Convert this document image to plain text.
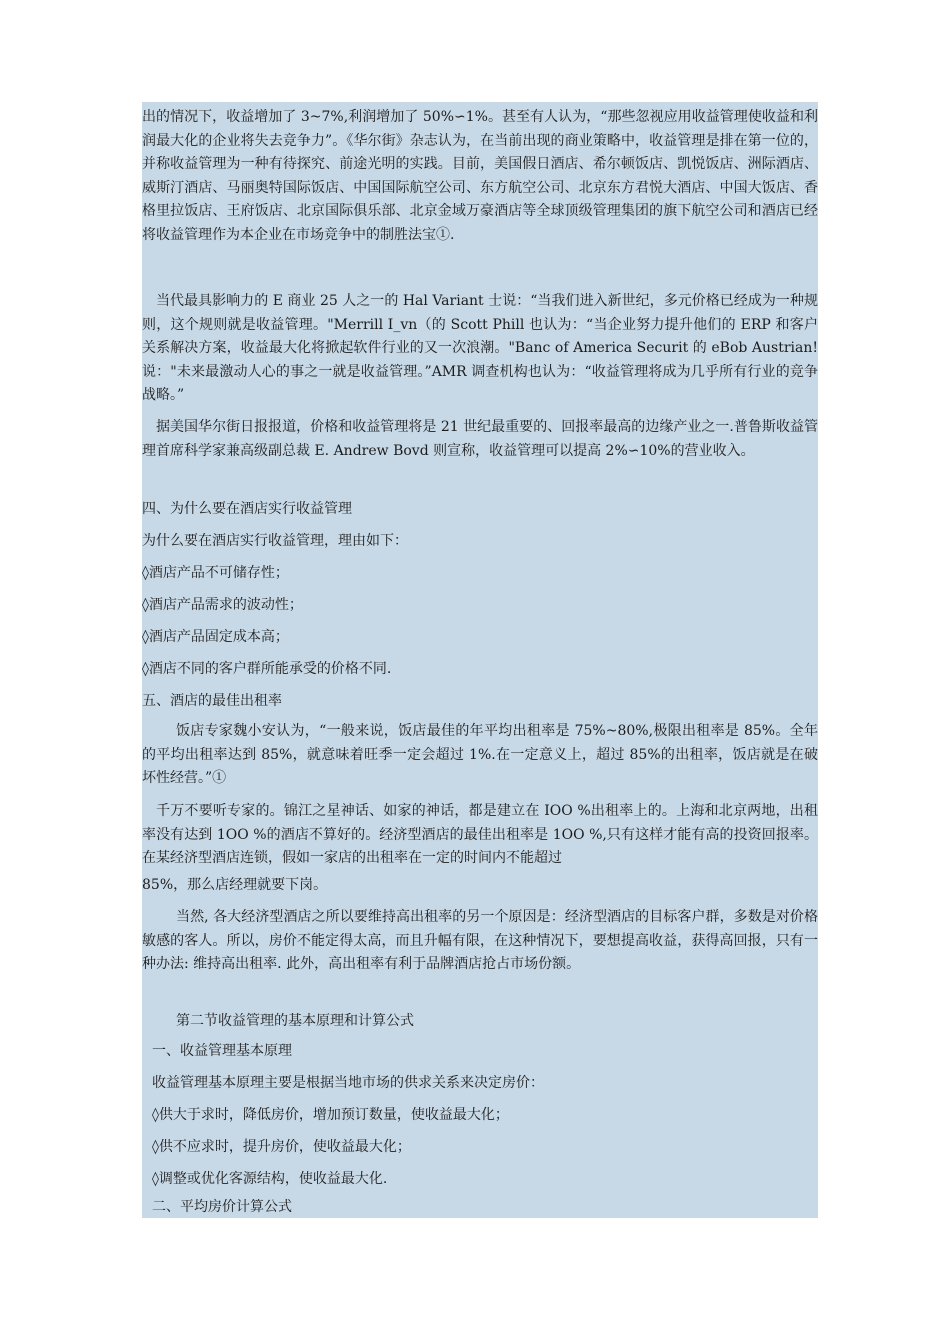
出的情况下，收益增加了 3~7%,利润增加了 50%∽1%。甚至有人认为，“那些忽视应用收益管理使收益和利润最大化的企业将失去竞争力”。《华尔街》杂志认为，在当前出现的商业策略中，收益管理是排在第一位的，并称收益管理为一种有待探究、前途光明的实践。目前，美国假日酒店、希尔顿饭店、凯悦饭店、洲际酒店、威斯汀酒店、马丽奥特国际饭店、中国国际航空公司、东方航空公司、北京东方君悦大酒店、中国大饭店、香格里拉饭店、王府饭店、北京国际俱乐部、北京金域万豪酒店等全球顶级管理集团的旗下航空公司和酒店已经将收益管理作为本企业在市场竞争中的制胜法宝①.

当代最具影响力的 E 商业 25 人之一的 Hal Variant 士说：“当我们进入新世纪，多元价格已经成为一种规则，这个规则就是收益管理。"Merrill I_vn（的 Scott Phill 也认为：“当企业努力提升他们的 ERP 和客户关系解决方案，收益最大化将掀起软件行业的又一次浪潮。"Banc of America Securit 的 eBob Austrian!说："未来最激动人心的事之一就是收益管理。”AMR 调查机构也认为：“收益管理将成为几乎所有行业的竞争战略。”

据美国华尔街日报报道，价格和收益管理将是 21 世纪最重要的、回报率最高的边缘产业之一.普鲁斯收益管理首席科学家兼高级副总裁 E. Andrew Bovd 则宣称，收益管理可以提高 2%∽10%的营业收入。

四、为什么要在酒店实行收益管理

为什么要在酒店实行收益管理，理由如下：

◊酒店产品不可储存性；

◊酒店产品需求的波动性；

◊酒店产品固定成本高；

◊酒店不同的客户群所能承受的价格不同.

五、酒店的最佳出租率

饭店专家魏小安认为，“一般来说，饭店最佳的年平均出租率是 75%~80%,极限出租率是 85%。全年的平均出租率达到 85%，就意味着旺季一定会超过 1%.在一定意义上，超过 85%的出租率，饭店就是在破坏性经营。”①

千万不要听专家的。锦江之星神话、如家的神话，都是建立在 IOO %出租率上的。上海和北京两地，出租率没有达到 1OO %的酒店不算好的。经济型酒店的最佳出租率是 1OO %,只有这样才能有高的投资回报率。在某经济型酒店连锁，假如一家店的出租率在一定的时间内不能超过

85%，那么店经理就要下岗。

当然, 各大经济型酒店之所以要维持高出租率的另一个原因是：经济型酒店的目标客户群，多数是对价格敏感的客人。所以，房价不能定得太高，而且升幅有限，在这种情况下，要想提高收益，获得高回报，只有一种办法: 维持高出租率. 此外，高出租率有利于品牌酒店抢占市场份额。

第二节收益管理的基本原理和计算公式

一、收益管理基本原理

收益管理基本原理主要是根据当地市场的供求关系来决定房价：

◊供大于求时，降低房价，增加预订数量，使收益最大化；

◊供不应求时，提升房价，使收益最大化；

◊调整或优化客源结构，使收益最大化.

二、平均房价计算公式
